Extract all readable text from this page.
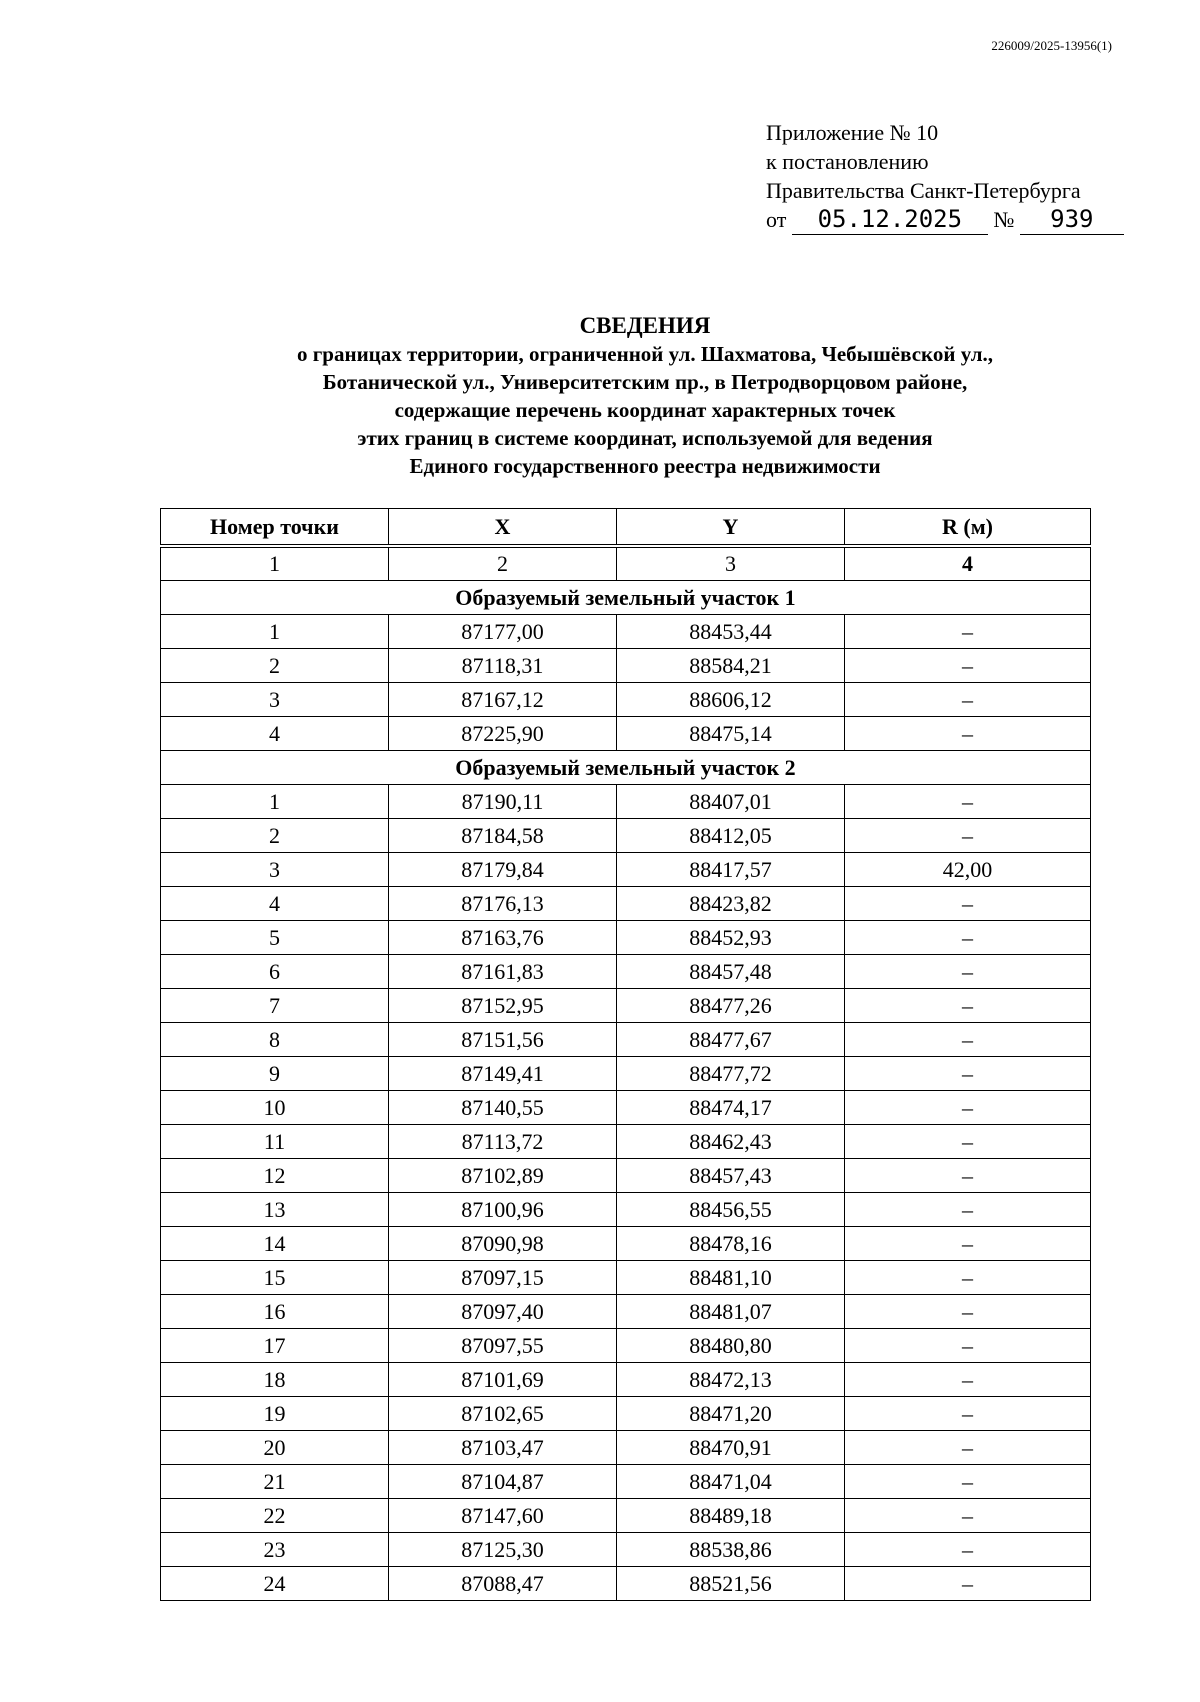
226009/2025-13956(1)
Приложение № 10
к постановлению
Правительства Санкт-Петербурга
от 05.12.2025 № 939
СВЕДЕНИЯ
о границах территории, ограниченной ул. Шахматова, Чебышёвской ул.,
Ботанической ул., Университетским пр., в Петродворцовом районе,
содержащие перечень координат характерных точек
этих границ в системе координат, используемой для ведения
Единого государственного реестра недвижимости
Номер точки	X	Y	R (м)

1	2	3	4
Образуемый земельный участок 1			
1	87177,00	88453,44	–
2	87118,31	88584,21	–
3	87167,12	88606,12	–
4	87225,90	88475,14	–
Образуемый земельный участок 2			
1	87190,11	88407,01	–
2	87184,58	88412,05	–
3	87179,84	88417,57	42,00
4	87176,13	88423,82	–
5	87163,76	88452,93	–
6	87161,83	88457,48	–
7	87152,95	88477,26	–
8	87151,56	88477,67	–
9	87149,41	88477,72	–
10	87140,55	88474,17	–
11	87113,72	88462,43	–
12	87102,89	88457,43	–
13	87100,96	88456,55	–
14	87090,98	88478,16	–
15	87097,15	88481,10	–
16	87097,40	88481,07	–
17	87097,55	88480,80	–
18	87101,69	88472,13	–
19	87102,65	88471,20	–
20	87103,47	88470,91	–
21	87104,87	88471,04	–
22	87147,60	88489,18	–
23	87125,30	88538,86	–
24	87088,47	88521,56	–
